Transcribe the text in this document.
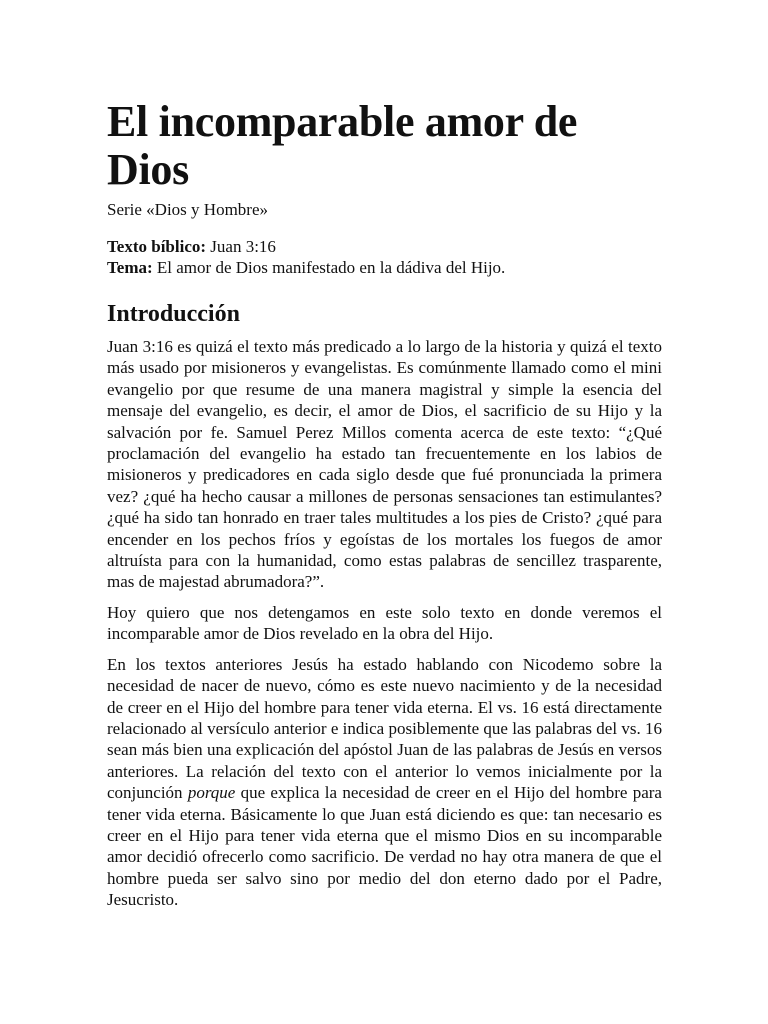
El incomparable amor de Dios
Serie «Dios y Hombre»
Texto bíblico: Juan 3:16
Tema: El amor de Dios manifestado en la dádiva del Hijo.
Introducción

Juan 3:16 es quizá el texto más predicado a lo largo de la historia y quizá el texto más usado por misioneros y evangelistas. Es comúnmente llamado como el mini evangelio por que resume de una manera magistral y simple la esencia del mensaje del evangelio, es decir, el amor de Dios, el sacrificio de su Hijo y la salvación por fe. Samuel Perez Millos comenta acerca de este texto: “¿Qué proclamación del evangelio ha estado tan frecuentemente en los labios de misioneros y predicadores en cada siglo desde que fué pronunciada la primera vez? ¿qué ha hecho causar a millones de personas sensaciones tan estimulantes? ¿qué ha sido tan honrado en traer tales multitudes a los pies de Cristo? ¿qué para encender en los pechos fríos y egoístas de los mortales los fuegos de amor altruísta para con la humanidad, como estas palabras de sencillez trasparente, mas de majestad abrumadora?”.

Hoy quiero que nos detengamos en este solo texto en donde veremos el incomparable amor de Dios revelado en la obra del Hijo.

En los textos anteriores Jesús ha estado hablando con Nicodemo sobre la necesidad de nacer de nuevo, cómo es este nuevo nacimiento y de la necesidad de creer en el Hijo del hombre para tener vida eterna. El vs. 16 está directamente relacionado al versículo anterior e indica posiblemente que las palabras del vs. 16 sean más bien una explicación del apóstol Juan de las palabras de Jesús en versos anteriores. La relación del texto con el anterior lo vemos inicialmente por la conjunción porque que explica la necesidad de creer en el Hijo del hombre para tener vida eterna. Básicamente lo que Juan está diciendo es que: tan necesario es creer en el Hijo para tener vida eterna que el mismo Dios en su incomparable amor decidió ofrecerlo como sacrificio. De verdad no hay otra manera de que el hombre pueda ser salvo sino por medio del don eterno dado por el Padre, Jesucristo.
